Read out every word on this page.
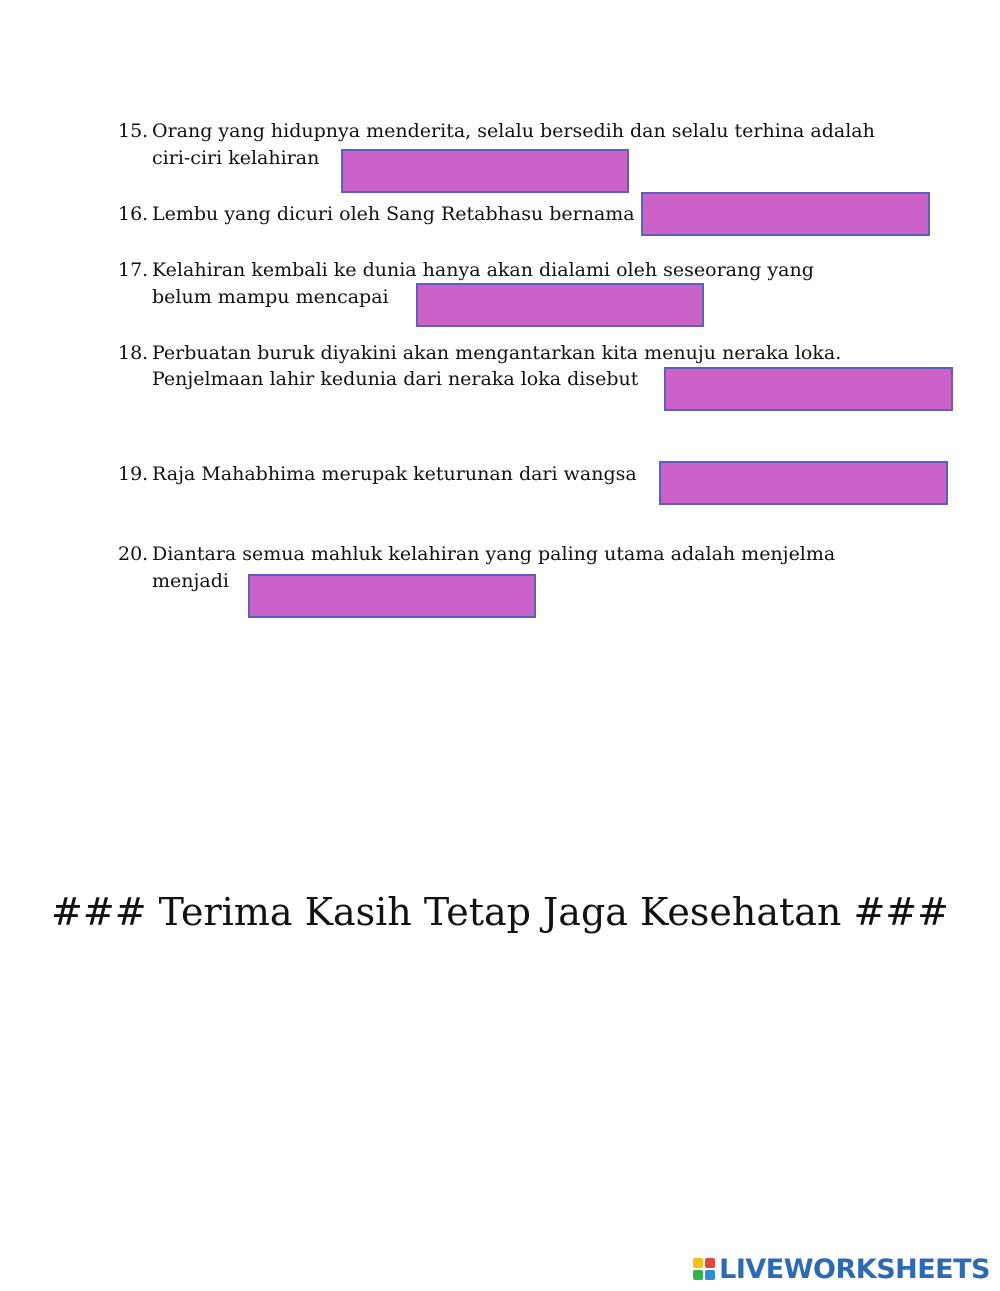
15. Orang yang hidupnya menderita, selalu bersedih dan selalu terhina adalah
ciri-ciri kelahiran
16. Lembu yang dicuri oleh Sang Retabhasu bernama
17. Kelahiran kembali ke dunia hanya akan dialami oleh seseorang yang
belum mampu mencapai
18. Perbuatan buruk diyakini akan mengantarkan kita menuju neraka loka.
Penjelmaan lahir kedunia dari neraka loka disebut
19. Raja Mahabhima merupak keturunan dari wangsa
20. Diantara semua mahluk kelahiran yang paling utama adalah menjelma
menjadi
### Terima Kasih Tetap Jaga Kesehatan ###
LIVEWORKSHEETS
